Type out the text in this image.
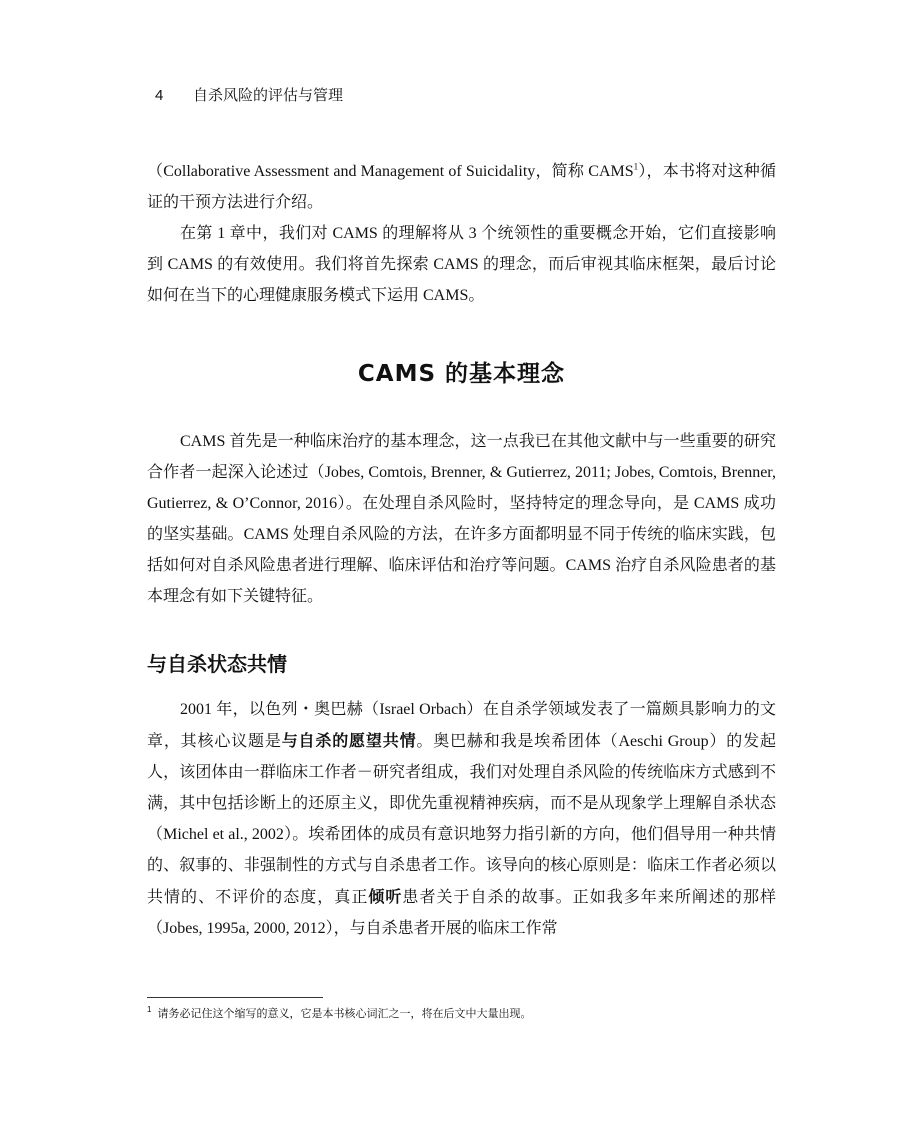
4 自杀风险的评估与管理

（Collaborative Assessment and Management of Suicidality，简称 CAMS$^1$），本书将对这种循证的干预方法进行介绍。

在第 1 章中，我们对 CAMS 的理解将从 3 个统领性的重要概念开始，它们直接影响到 CAMS 的有效使用。我们将首先探索 CAMS 的理念，而后审视其临床框架，最后讨论如何在当下的心理健康服务模式下运用 CAMS。

CAMS 的基本理念

CAMS 首先是一种临床治疗的基本理念，这一点我已在其他文献中与一些重要的研究合作者一起深入论述过（Jobes, Comtois, Brenner, & Gutierrez, 2011; Jobes, Comtois, Brenner, Gutierrez, & O’Connor, 2016）。在处理自杀风险时，坚持特定的理念导向，是 CAMS 成功的坚实基础。CAMS 处理自杀风险的方法，在许多方面都明显不同于传统的临床实践，包括如何对自杀风险患者进行理解、临床评估和治疗等问题。CAMS 治疗自杀风险患者的基本理念有如下关键特征。

与自杀状态共情

2001 年，以色列・奥巴赫（Israel Orbach）在自杀学领域发表了一篇颇具影响力的文章，其核心议题是与自杀的愿望共情。奥巴赫和我是埃希团体（Aeschi Group）的发起人，该团体由一群临床工作者－研究者组成，我们对处理自杀风险的传统临床方式感到不满，其中包括诊断上的还原主义，即优先重视精神疾病，而不是从现象学上理解自杀状态（Michel et al., 2002）。埃希团体的成员有意识地努力指引新的方向，他们倡导用一种共情的、叙事的、非强制性的方式与自杀患者工作。该导向的核心原则是：临床工作者必须以共情的、不评价的态度，真正倾听患者关于自杀的故事。正如我多年来所阐述的那样（Jobes, 1995a, 2000, 2012），与自杀患者开展的临床工作常

$^1$ 请务必记住这个缩写的意义，它是本书核心词汇之一，将在后文中大量出现。
